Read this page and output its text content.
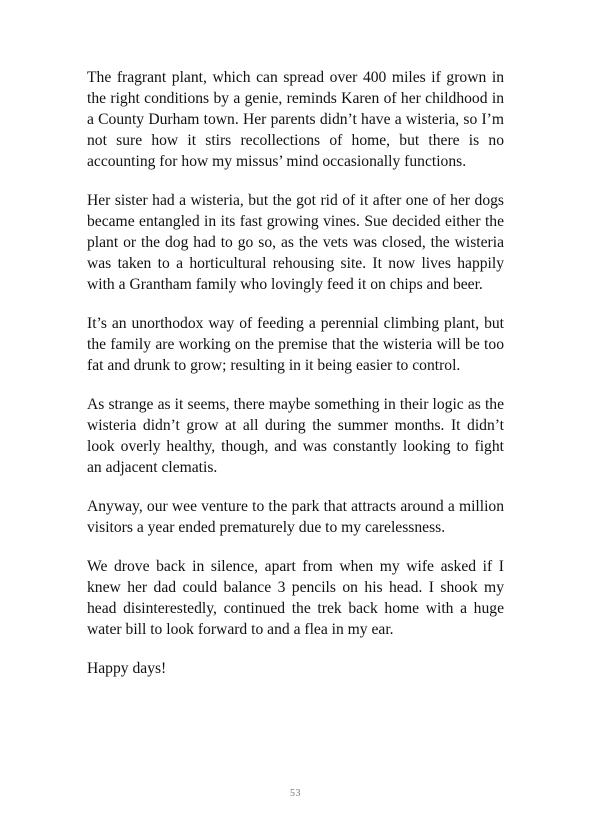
The fragrant plant, which can spread over 400 miles if grown in the right conditions by a genie, reminds Karen of her childhood in a County Durham town. Her parents didn’t have a wisteria, so I’m not sure how it stirs recollections of home, but there is no accounting for how my missus’ mind occasionally functions.

Her sister had a wisteria, but the got rid of it after one of her dogs became entangled in its fast growing vines. Sue decided either the plant or the dog had to go so, as the vets was closed, the wisteria was taken to a horticultural rehousing site. It now lives happily with a Grantham family who lovingly feed it on chips and beer.

It’s an unorthodox way of feeding a perennial climbing plant, but the family are working on the premise that the wisteria will be too fat and drunk to grow; resulting in it being easier to control.

As strange as it seems, there maybe something in their logic as the wisteria didn’t grow at all during the summer months. It didn’t look overly healthy, though, and was constantly looking to fight an adjacent clematis.

Anyway, our wee venture to the park that attracts around a million visitors a year ended prematurely due to my carelessness.

We drove back in silence, apart from when my wife asked if I knew her dad could balance 3 pencils on his head. I shook my head disinterestedly, continued the trek back home with a huge water bill to look forward to and a flea in my ear.

Happy days!

53
